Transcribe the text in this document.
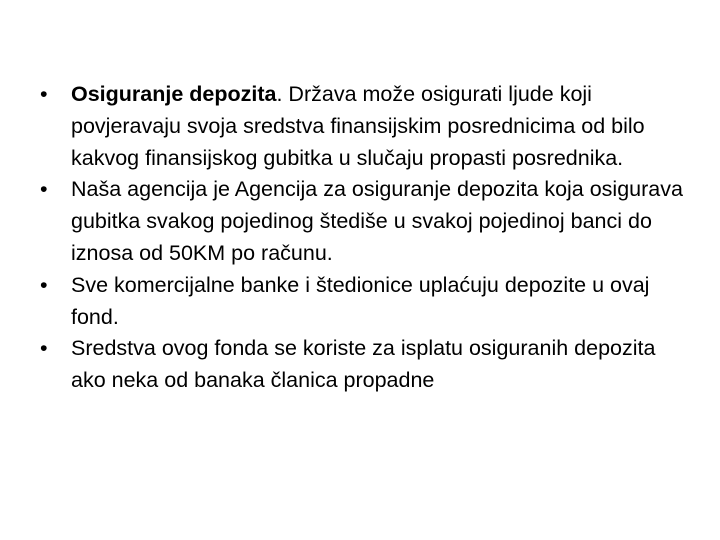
•	Osiguranje depozita. Država može osigurati ljude koji povjeravaju svoja sredstva finansijskim posrednicima od bilo kakvog finansijskog gubitka u slučaju propasti posrednika.
•	Naša agencija je Agencija za osiguranje depozita koja osigurava gubitka svakog pojedinog štediše u svakoj pojedinoj banci do iznosa od 50KM po računu.
•	Sve komercijalne banke i štedionice uplaćuju depozite u ovaj fond.
•	Sredstva ovog fonda se koriste za isplatu osiguranih depozita ako neka od banaka članica propadne
